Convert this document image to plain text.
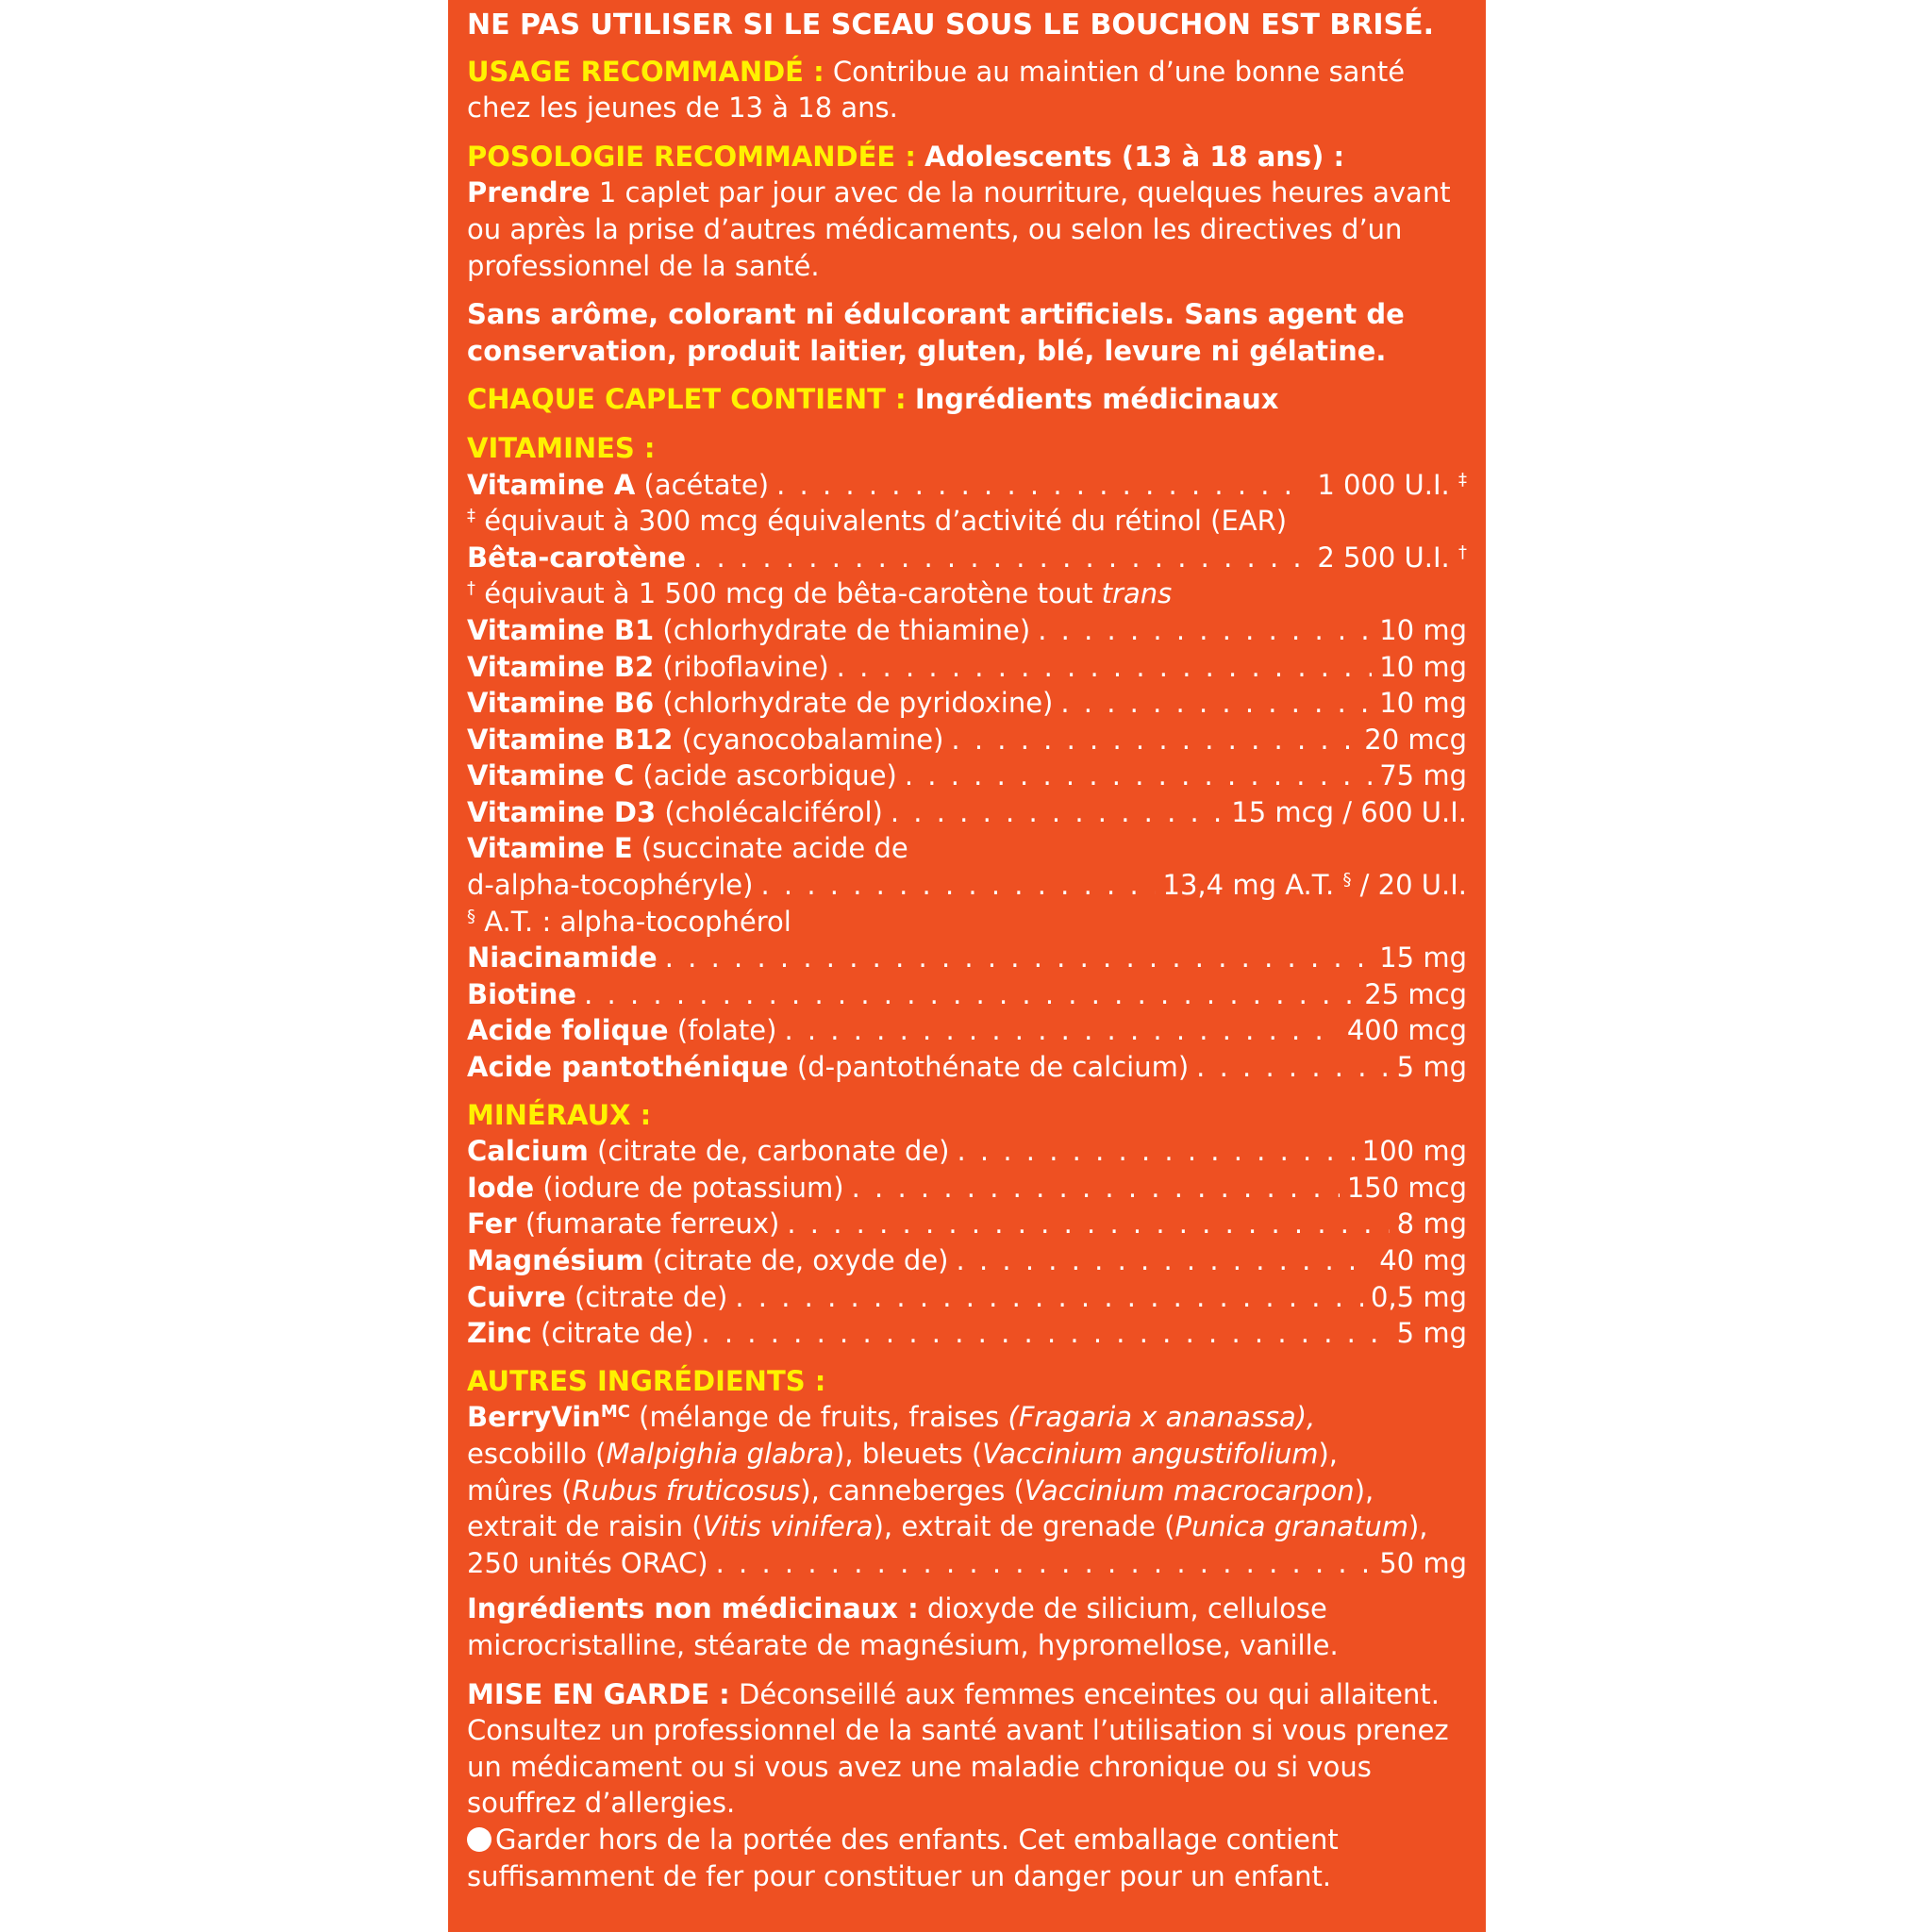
NE PAS UTILISER SI LE SCEAU SOUS LE BOUCHON EST BRISÉ.
USAGE RECOMMANDÉ : Contribue au maintien d’une bonne santé chez les jeunes de 13 à 18 ans.
POSOLOGIE RECOMMANDÉE : Adolescents (13 à 18 ans) : Prendre 1 caplet par jour avec de la nourriture, quelques heures avant ou après la prise d’autres médicaments, ou selon les directives d’un professionnel de la santé.
Sans arôme, colorant ni édulcorant artificiels. Sans agent de conservation, produit laitier, gluten, blé, levure ni gélatine.
CHAQUE CAPLET CONTIENT : Ingrédients médicinaux
VITAMINES :
Vitamine A (acétate) . . .	1 000 U.I. ‡
‡ équivaut à 300 mcg équivalents d’activité du rétinol (EAR)
Bêta-carotène . . .	2 500 U.I. †
† équivaut à 1 500 mcg de bêta-carotène tout trans
Vitamine B1 (chlorhydrate de thiamine) . . .	10 mg
Vitamine B2 (riboflavine) . . .	10 mg
Vitamine B6 (chlorhydrate de pyridoxine) . . .	10 mg
Vitamine B12 (cyanocobalamine) . . .	20 mcg
Vitamine C (acide ascorbique) . . .	75 mg
Vitamine D3 (cholécalciférol) . . .	15 mcg / 600 U.I.
Vitamine E (succinate acide de
d-alpha-tocophéryle) . . .	13,4 mg A.T. § / 20 U.I.
§ A.T. : alpha-tocophérol
Niacinamide . . .	15 mg
Biotine . . .	25 mcg
Acide folique (folate) . . .	400 mcg
Acide pantothénique (d-pantothénate de calcium) . . .	5 mg
MINÉRAUX :
Calcium (citrate de, carbonate de) . . .	100 mg
Iode (iodure de potassium) . . .	150 mcg
Fer (fumarate ferreux) . . .	8 mg
Magnésium (citrate de, oxyde de) . . .	40 mg
Cuivre (citrate de) . . .	0,5 mg
Zinc (citrate de) . . .	5 mg
AUTRES INGRÉDIENTS :
BerryVin$^{MC}$ (mélange de fruits, fraises (Fragaria x ananassa),
escobillo (Malpighia glabra), bleuets (Vaccinium angustifolium),
mûres (Rubus fruticosus), canneberges (Vaccinium macrocarpon),
extrait de raisin (Vitis vinifera), extrait de grenade (Punica granatum),
250 unités ORAC) . . .	50 mg
Ingrédients non médicinaux : dioxyde de silicium, cellulose microcristalline, stéarate de magnésium, hypromellose, vanille.
MISE EN GARDE : Déconseillé aux femmes enceintes ou qui allaitent. Consultez un professionnel de la santé avant l’utilisation si vous prenez un médicament ou si vous avez une maladie chronique ou si vous souffrez d’allergies.
Garder hors de la portée des enfants. Cet emballage contient suffisamment de fer pour constituer un danger pour un enfant.
